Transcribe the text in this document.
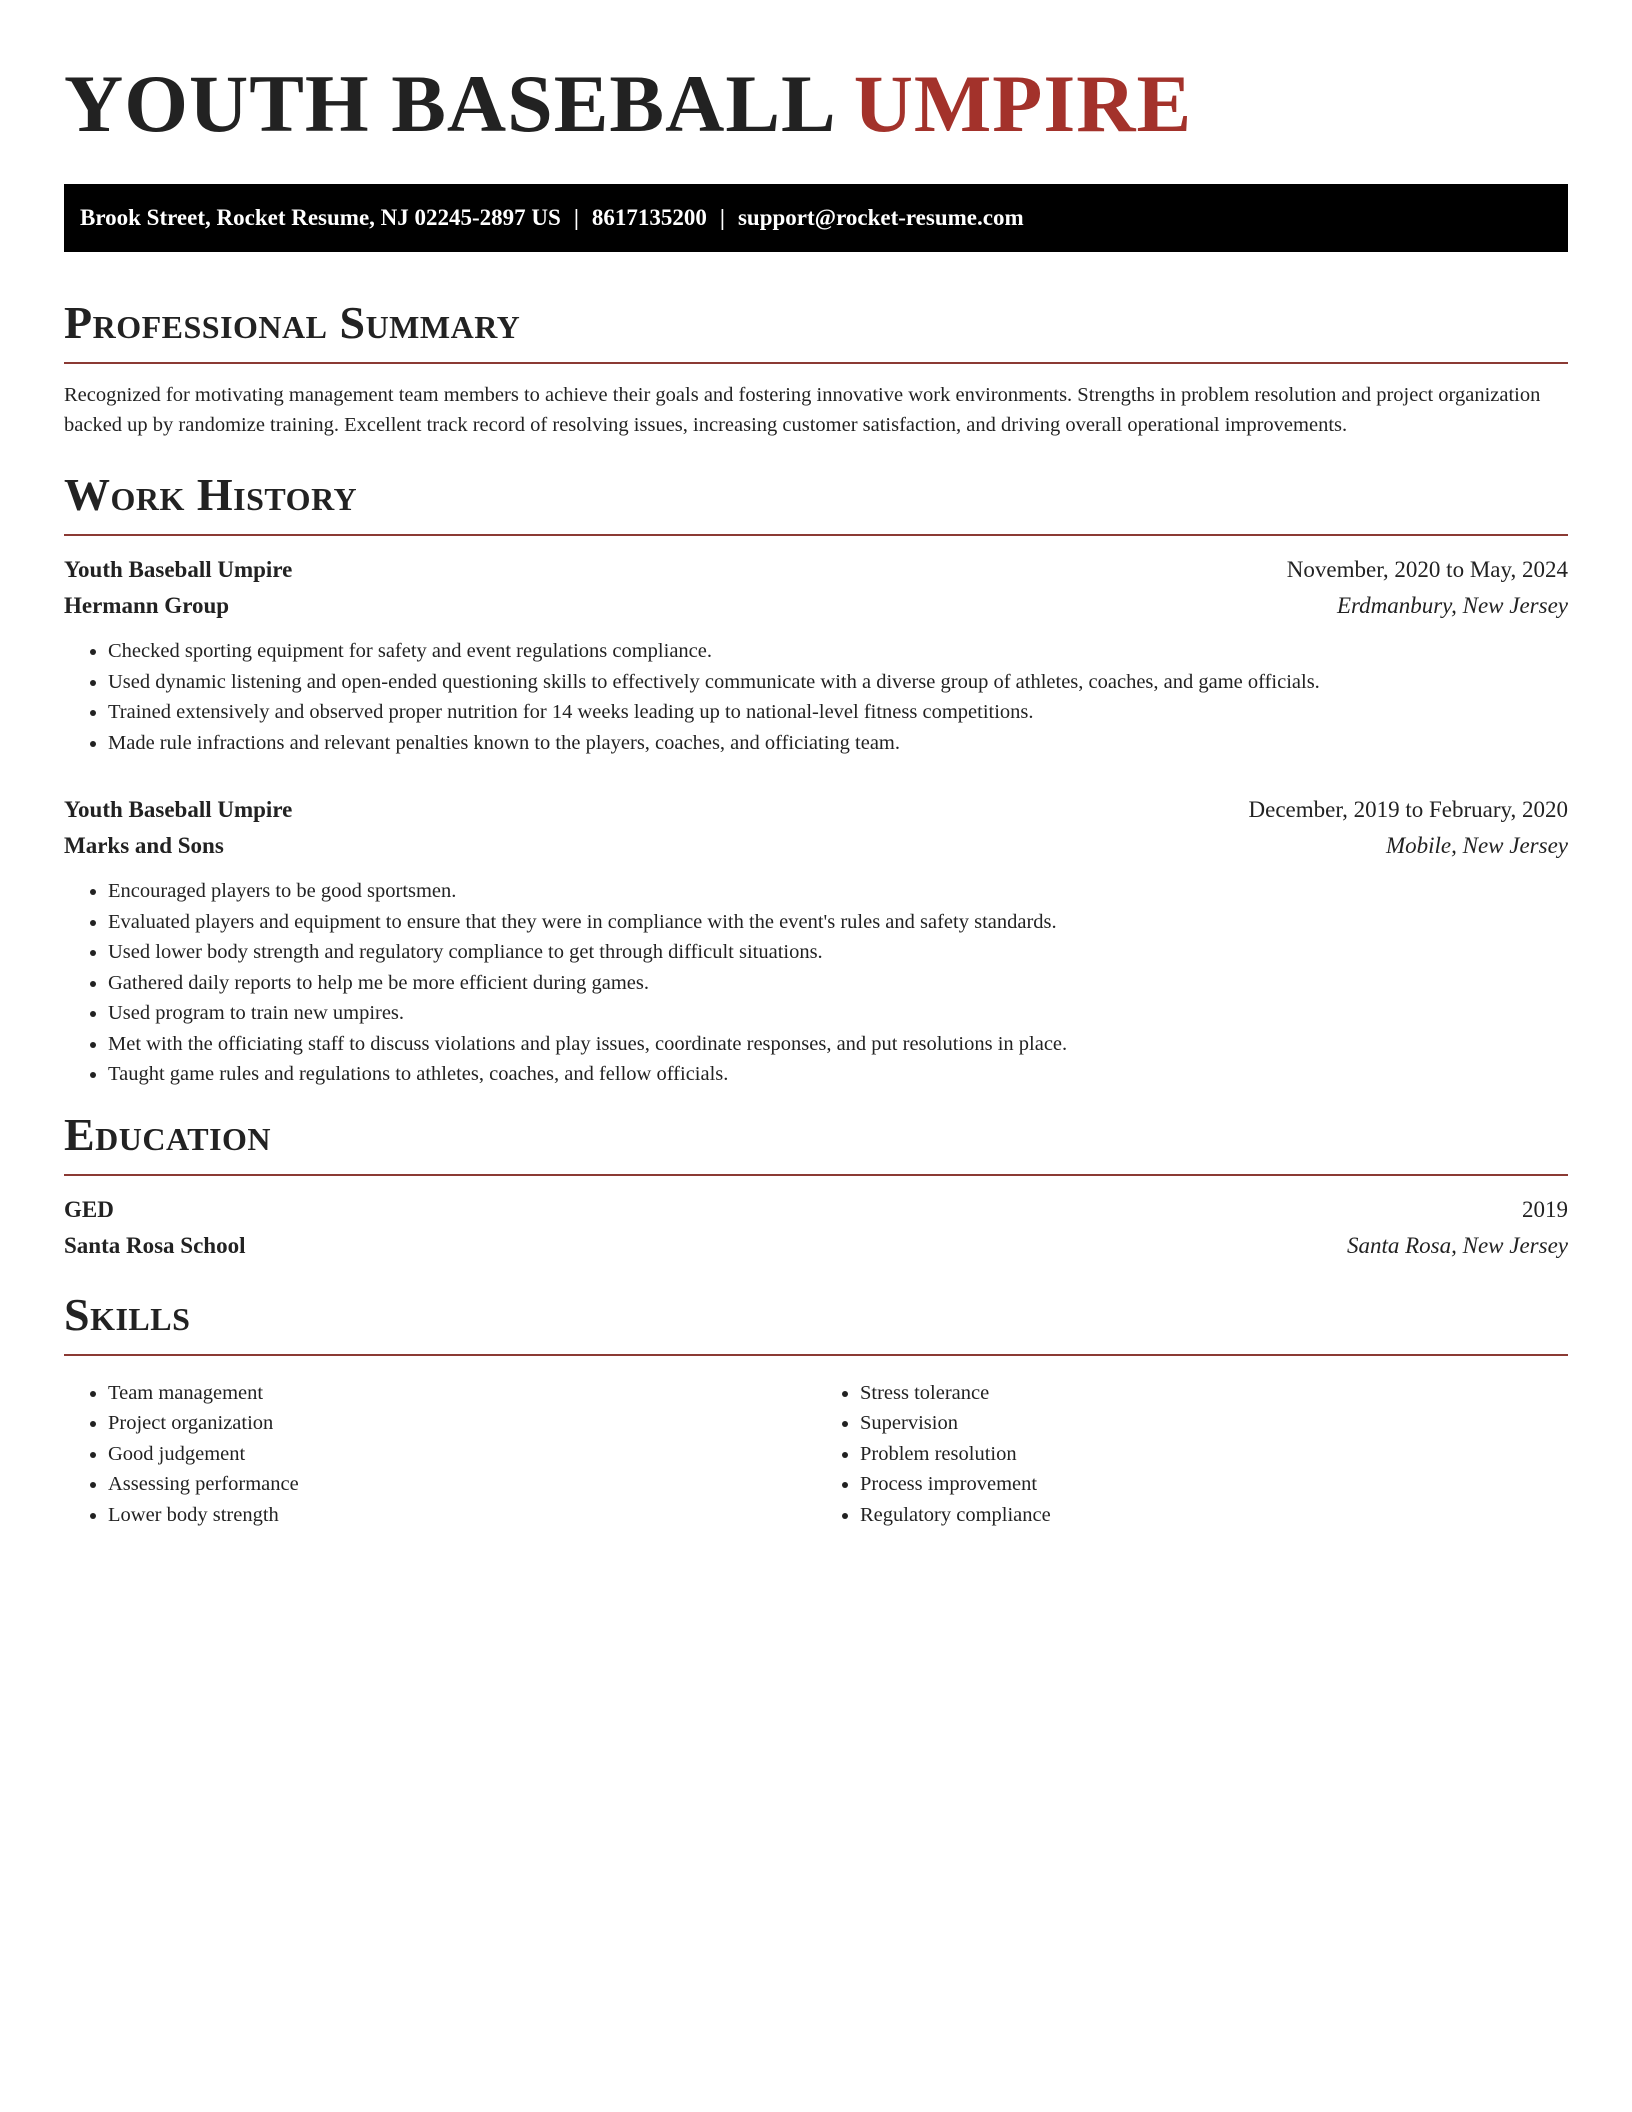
YOUTH BASEBALL UMPIRE
Brook Street, Rocket Resume, NJ 02245-2897 US | 8617135200 | support@rocket-resume.com
Professional Summary

Recognized for motivating management team members to achieve their goals and fostering innovative work environments. Strengths in problem resolution and project organization backed up by randomize training. Excellent track record of resolving issues, increasing customer satisfaction, and driving overall operational improvements.

Work History
Youth Baseball Umpire	November, 2020 to May, 2024
Hermann Group	Erdmanbury, New Jersey
• Checked sporting equipment for safety and event regulations compliance.
• Used dynamic listening and open-ended questioning skills to effectively communicate with a diverse group of athletes, coaches, and game officials.
• Trained extensively and observed proper nutrition for 14 weeks leading up to national-level fitness competitions.
• Made rule infractions and relevant penalties known to the players, coaches, and officiating team.
Youth Baseball Umpire	December, 2019 to February, 2020
Marks and Sons	Mobile, New Jersey
• Encouraged players to be good sportsmen.
• Evaluated players and equipment to ensure that they were in compliance with the event's rules and safety standards.
• Used lower body strength and regulatory compliance to get through difficult situations.
• Gathered daily reports to help me be more efficient during games.
• Used program to train new umpires.
• Met with the officiating staff to discuss violations and play issues, coordinate responses, and put resolutions in place.
• Taught game rules and regulations to athletes, coaches, and fellow officials.
Education
GED	2019
Santa Rosa School	Santa Rosa, New Jersey
Skills
• Team management
• Project organization
• Good judgement
• Assessing performance
• Lower body strength
• Stress tolerance
• Supervision
• Problem resolution
• Process improvement
• Regulatory compliance
